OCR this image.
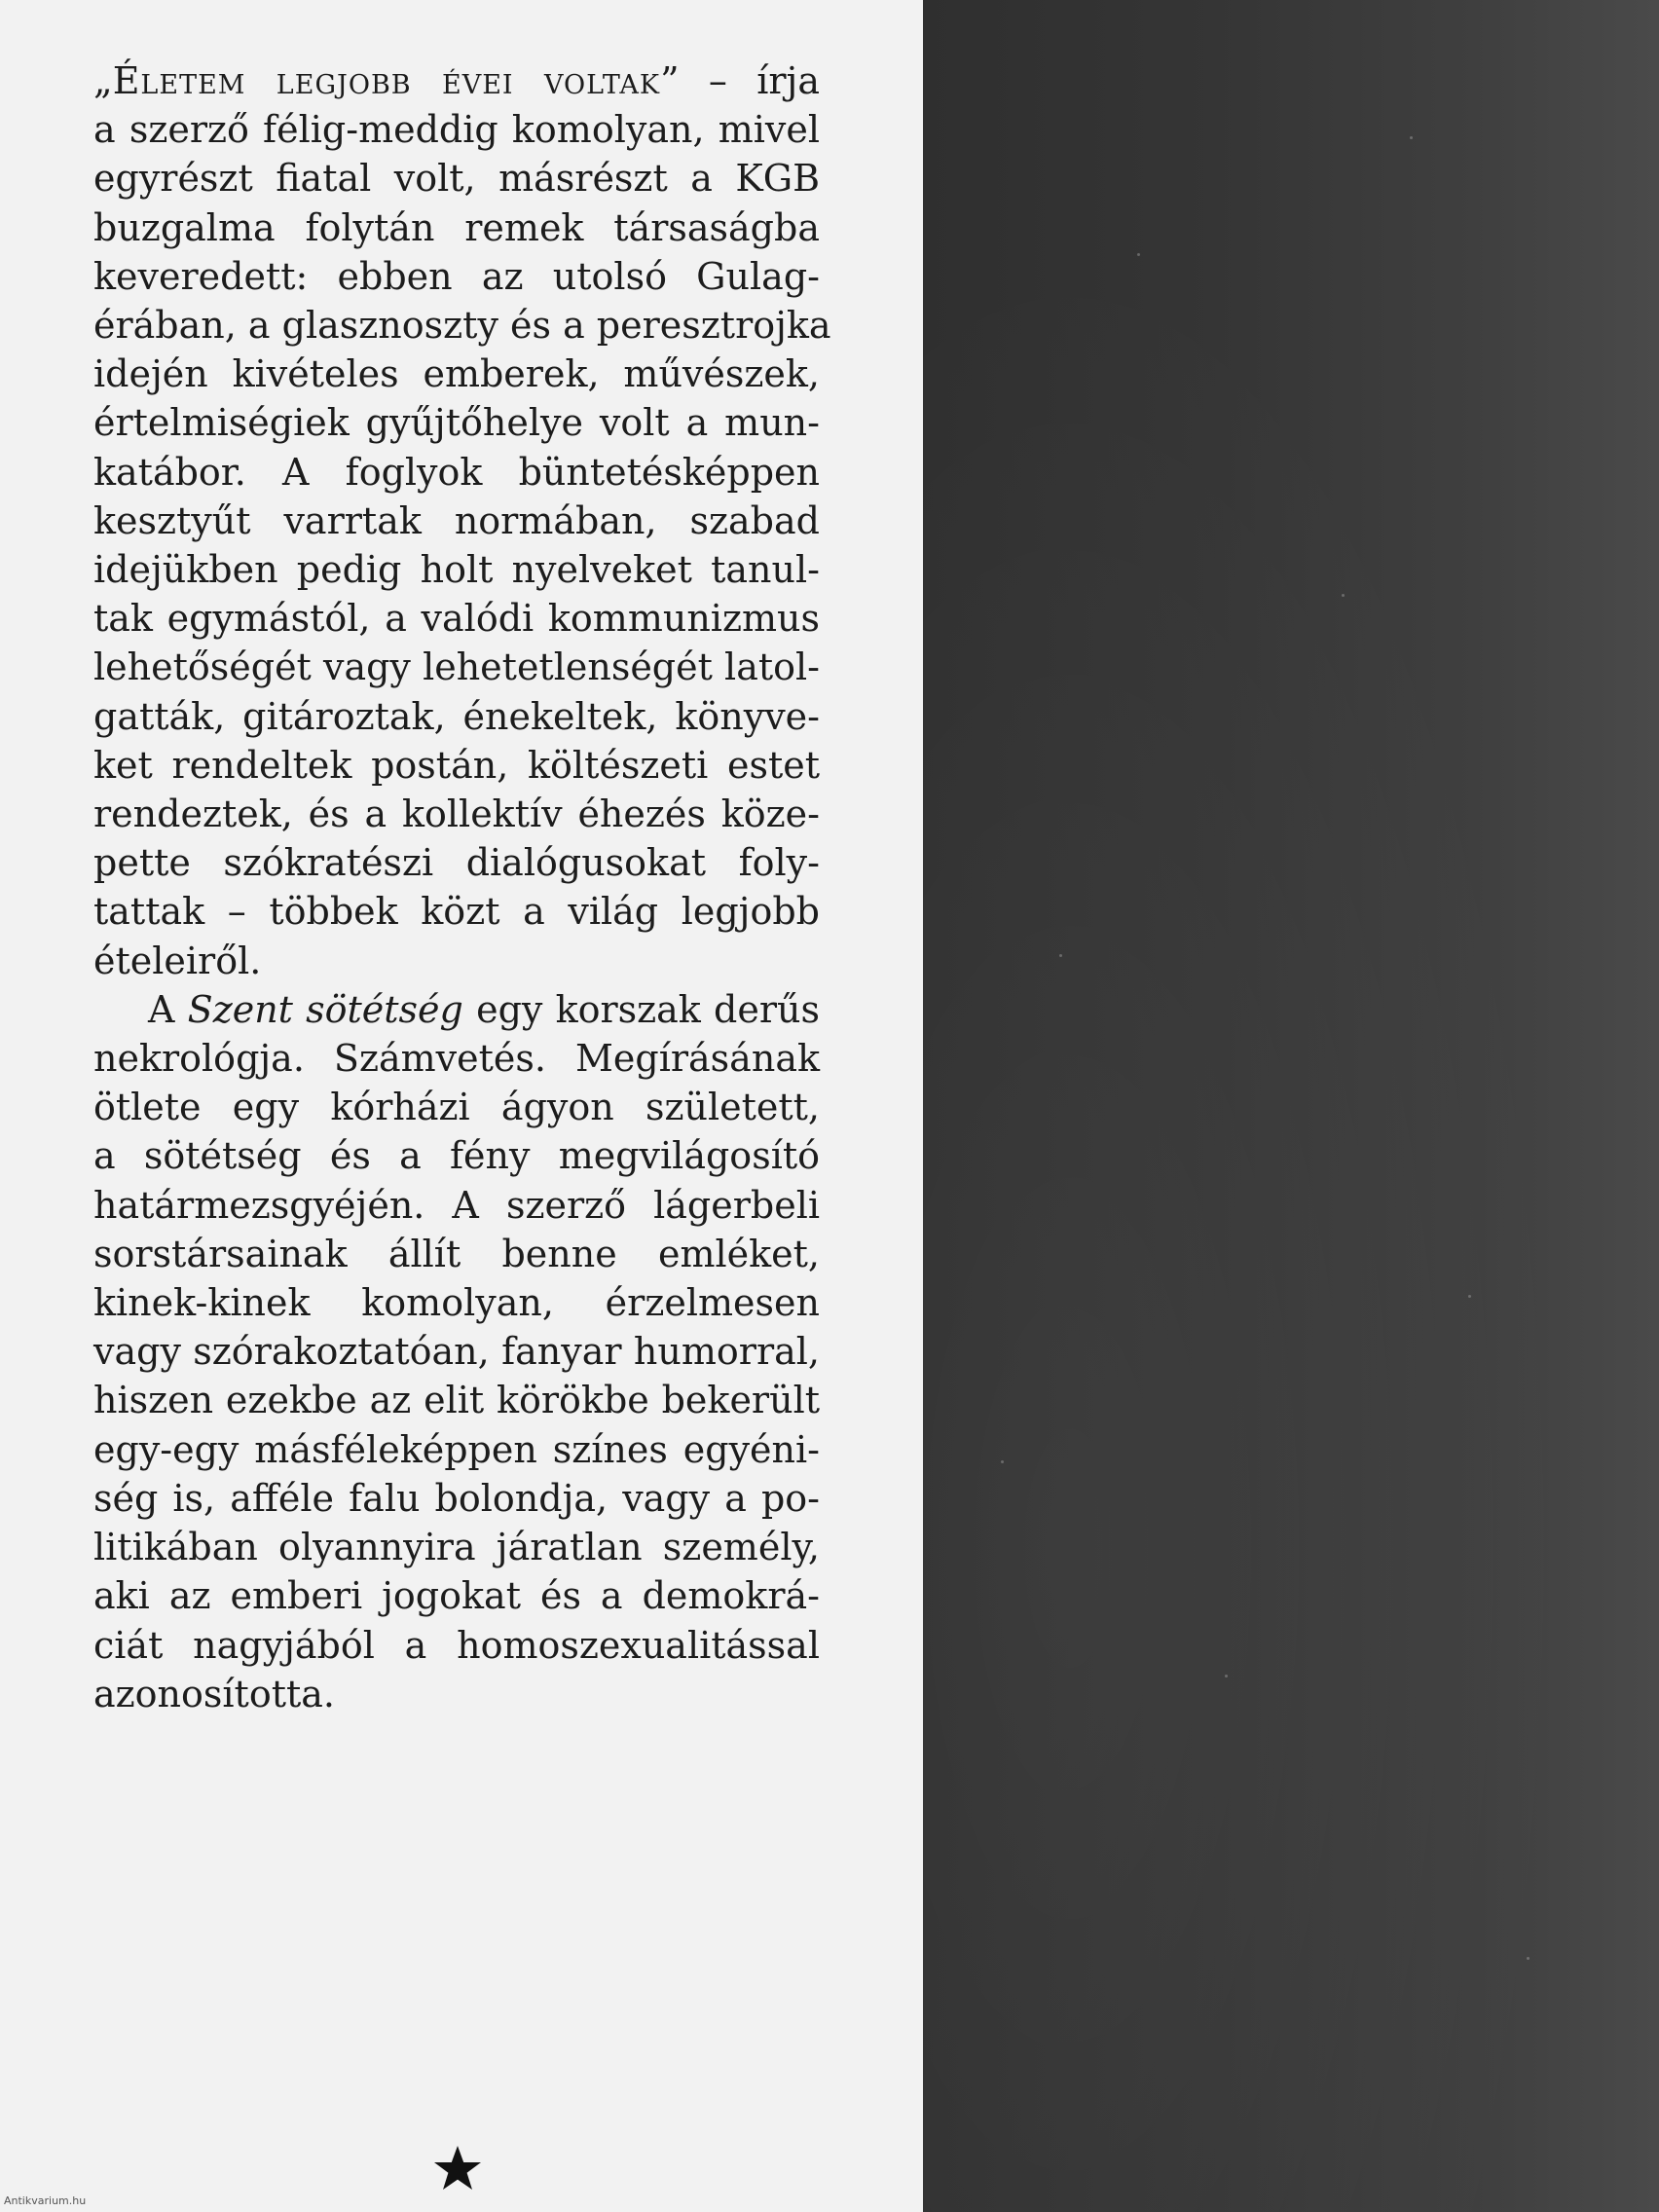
„Életem legjobb évei voltak” – írja
a szerző félig-meddig komolyan, mivel
egyrészt fiatal volt, másrészt a KGB
buzgalma folytán remek társaságba
keveredett: ebben az utolsó Gulag-
érában, a glasznoszty és a peresztrojka
idején kivételes emberek, művészek,
értelmiségiek gyűjtőhelye volt a mun-
katábor. A foglyok büntetésképpen
kesztyűt varrtak normában, szabad
idejükben pedig holt nyelveket tanul-
tak egymástól, a valódi kommunizmus
lehetőségét vagy lehetetlenségét latol-
gatták, gitároztak, énekeltek, könyve-
ket rendeltek postán, költészeti estet
rendeztek, és a kollektív éhezés köze-
pette szókratészi dialógusokat foly-
tattak – többek közt a világ legjobb
ételeiről.

A Szent sötétség egy korszak derűs
nekrológja. Számvetés. Megírásának
ötlete egy kórházi ágyon született,
a sötétség és a fény megvilágosító
határmezsgyéjén. A szerző lágerbeli
sorstársainak állít benne emléket,
kinek-kinek komolyan, érzelmesen
vagy szórakoztatóan, fanyar humorral,
hiszen ezekbe az elit körökbe bekerült
egy-egy másféleképpen színes egyéni-
ség is, afféle falu bolondja, vagy a po-
litikában olyannyira járatlan személy,
aki az emberi jogokat és a demokrá-
ciát nagyjából a homoszexualitással
azonosította.

Antikvarium.hu
